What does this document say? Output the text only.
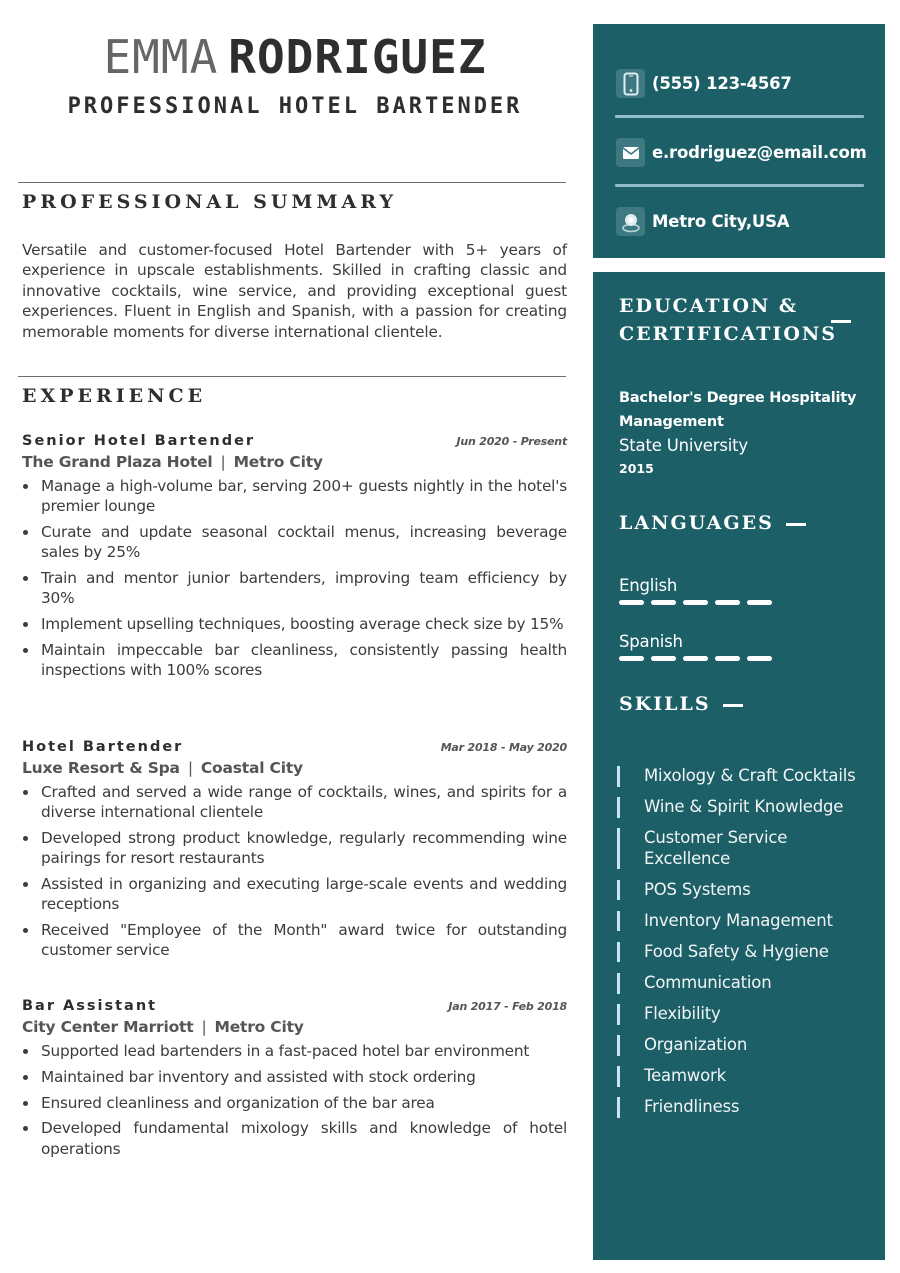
EMMA RODRIGUEZ
PROFESSIONAL HOTEL BARTENDER
PROFESSIONAL SUMMARY

Versatile and customer-focused Hotel Bartender with 5+ years of experience in upscale establishments. Skilled in crafting classic and innovative cocktails, wine service, and providing exceptional guest experiences. Fluent in English and Spanish, with a passion for creating memorable moments for diverse international clientele.

EXPERIENCE
Senior Hotel Bartender	Jun 2020 - Present
The Grand Plaza Hotel | Metro City
Manage a high-volume bar, serving 200+ guests nightly in the hotel's premier lounge
Curate and update seasonal cocktail menus, increasing beverage sales by 25%
Train and mentor junior bartenders, improving team efficiency by 30%
Implement upselling techniques, boosting average check size by 15%
Maintain impeccable bar cleanliness, consistently passing health inspections with 100% scores
Hotel Bartender	Mar 2018 - May 2020
Luxe Resort & Spa | Coastal City
Crafted and served a wide range of cocktails, wines, and spirits for a diverse international clientele
Developed strong product knowledge, regularly recommending wine pairings for resort restaurants
Assisted in organizing and executing large-scale events and wedding receptions
Received "Employee of the Month" award twice for outstanding customer service
Bar Assistant	Jan 2017 - Feb 2018
City Center Marriott | Metro City
Supported lead bartenders in a fast-paced hotel bar environment
Maintained bar inventory and assisted with stock ordering
Ensured cleanliness and organization of the bar area
Developed fundamental mixology skills and knowledge of hotel operations
(555) 123-4567
e.rodriguez@email.com
Metro City,USA
EDUCATION &
CERTIFICATIONS
Bachelor's Degree Hospitality Management
State University
2015
LANGUAGES
English
Spanish
SKILLS
Mixology & Craft Cocktails
Wine & Spirit Knowledge
Customer Service Excellence
POS Systems
Inventory Management
Food Safety & Hygiene
Communication
Flexibility
Organization
Teamwork
Friendliness
